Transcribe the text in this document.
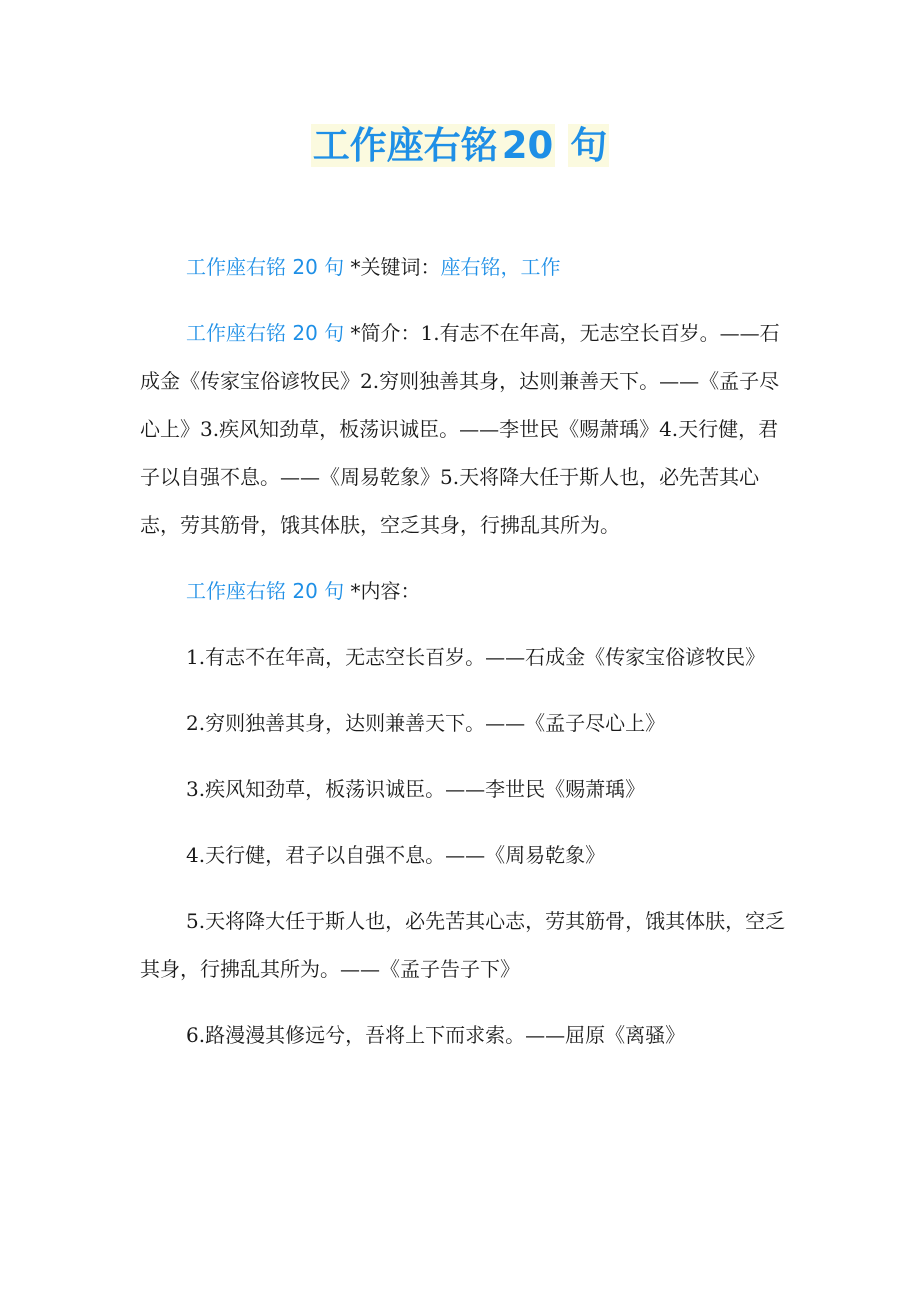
工作座右铭 20 句

工作座右铭 20 句 *关键词：座右铭，工作

工作座右铭 20 句 *简介：1.有志不在年高，无志空长百岁。——石成金《传家宝俗谚牧民》2.穷则独善其身，达则兼善天下。——《孟子尽心上》3.疾风知劲草，板荡识诚臣。——李世民《赐萧瑀》4.天行健，君子以自强不息。——《周易乾象》5.天将降大任于斯人也，必先苦其心志，劳其筋骨，饿其体肤，空乏其身，行拂乱其所为。

工作座右铭 20 句 *内容：

1.有志不在年高，无志空长百岁。——石成金《传家宝俗谚牧民》

2.穷则独善其身，达则兼善天下。——《孟子尽心上》

3.疾风知劲草，板荡识诚臣。——李世民《赐萧瑀》

4.天行健，君子以自强不息。——《周易乾象》

5.天将降大任于斯人也，必先苦其心志，劳其筋骨，饿其体肤，空乏其身，行拂乱其所为。——《孟子告子下》

6.路漫漫其修远兮，吾将上下而求索。——屈原《离骚》
